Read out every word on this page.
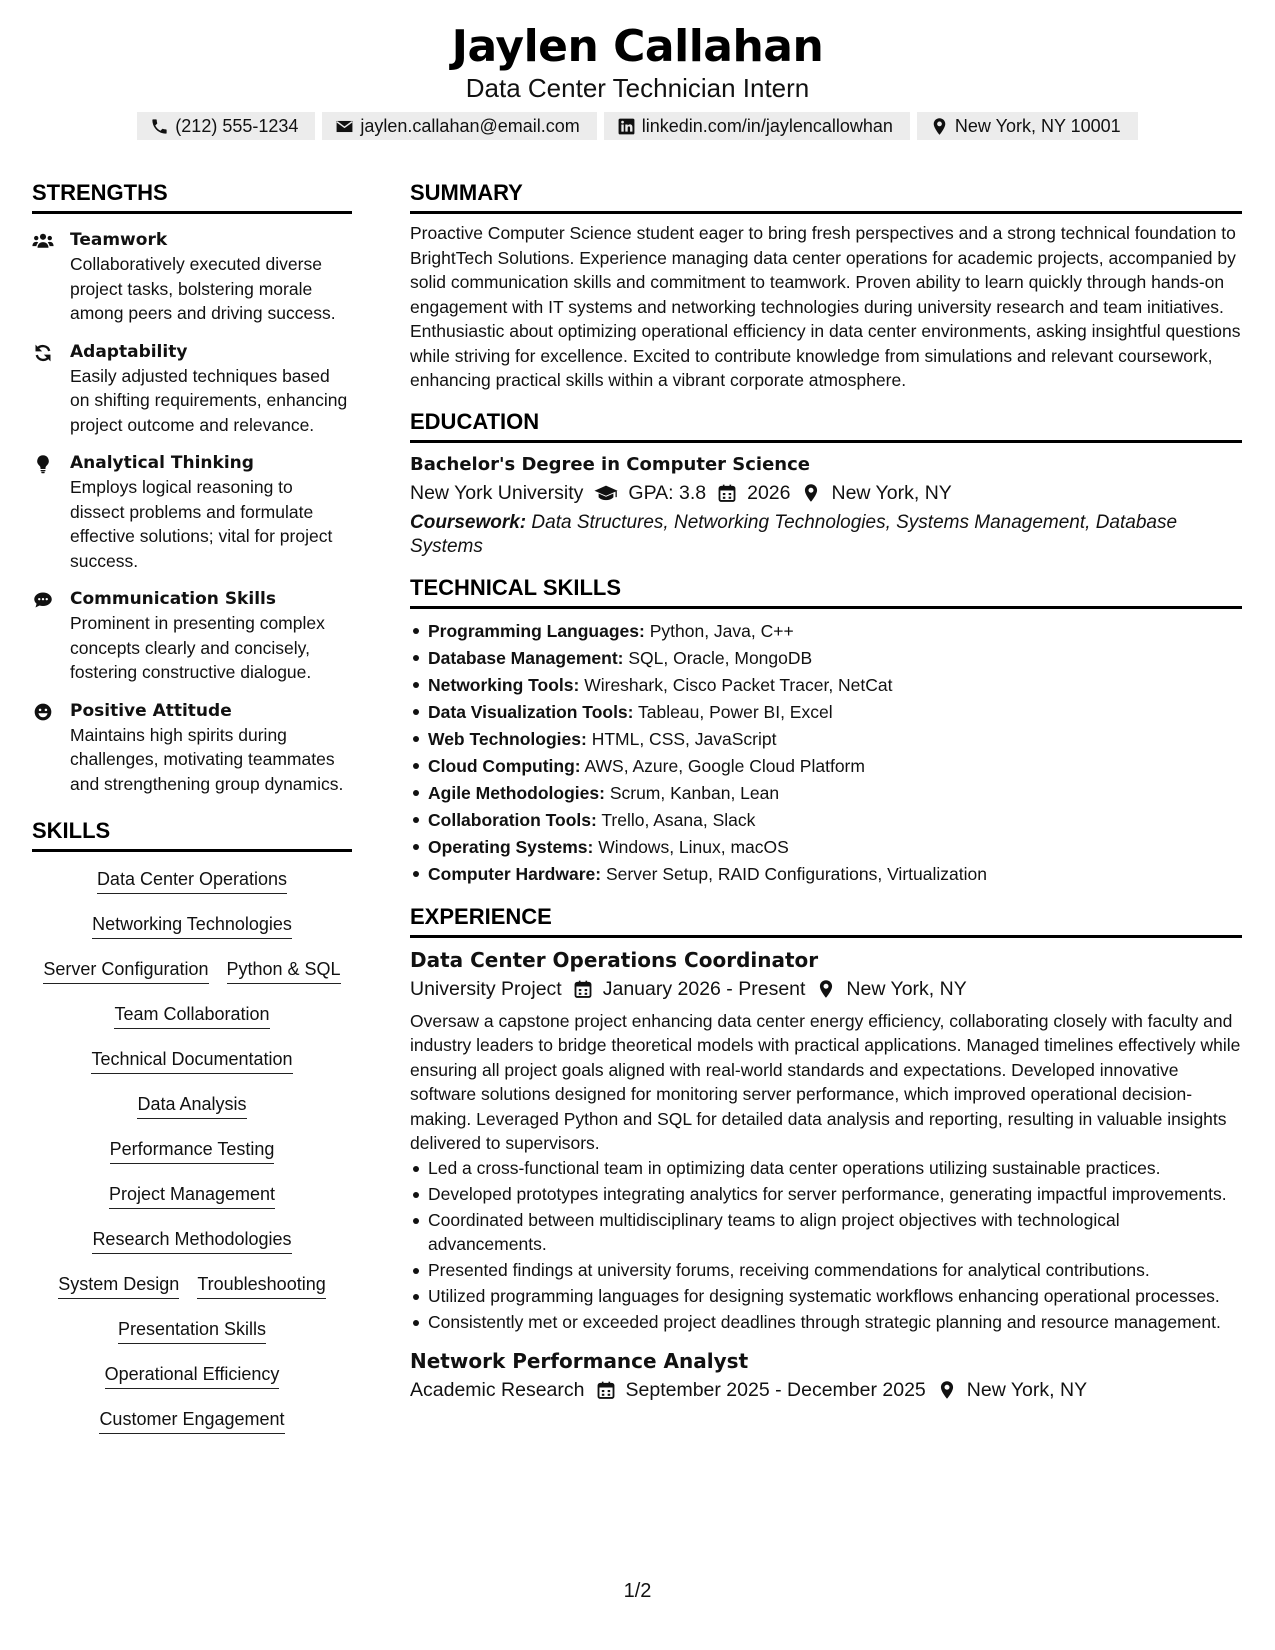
Jaylen Callahan
Data Center Technician Intern
(212) 555-1234	jaylen.callahan@email.com	linkedin.com/in/jaylencallowhan	New York, NY 10001
STRENGTHS
Teamwork
Collaboratively executed diverse project tasks, bolstering morale among peers and driving success.
Adaptability
Easily adjusted techniques based on shifting requirements, enhancing project outcome and relevance.
Analytical Thinking
Employs logical reasoning to dissect problems and formulate effective solutions; vital for project success.
Communication Skills
Prominent in presenting complex concepts clearly and concisely, fostering constructive dialogue.
Positive Attitude
Maintains high spirits during challenges, motivating teammates and strengthening group dynamics.
SKILLS
Data Center Operations
Networking Technologies
Server Configuration Python & SQL
Team Collaboration
Technical Documentation
Data Analysis
Performance Testing
Project Management
Research Methodologies
System Design Troubleshooting
Presentation Skills
Operational Efficiency
Customer Engagement
SUMMARY
Proactive Computer Science student eager to bring fresh perspectives and a strong technical foundation to BrightTech Solutions. Experience managing data center operations for academic projects, accompanied by solid communication skills and commitment to teamwork. Proven ability to learn quickly through hands-on engagement with IT systems and networking technologies during university research and team initiatives. Enthusiastic about optimizing operational efficiency in data center environments, asking insightful questions while striving for excellence. Excited to contribute knowledge from simulations and relevant coursework, enhancing practical skills within a vibrant corporate atmosphere.
EDUCATION
Bachelor's Degree in Computer Science
New York University GPA: 3.8 2026 New York, NY
Coursework: Data Structures, Networking Technologies, Systems Management, Database Systems
TECHNICAL SKILLS
Programming Languages: Python, Java, C++
Database Management: SQL, Oracle, MongoDB
Networking Tools: Wireshark, Cisco Packet Tracer, NetCat
Data Visualization Tools: Tableau, Power BI, Excel
Web Technologies: HTML, CSS, JavaScript
Cloud Computing: AWS, Azure, Google Cloud Platform
Agile Methodologies: Scrum, Kanban, Lean
Collaboration Tools: Trello, Asana, Slack
Operating Systems: Windows, Linux, macOS
Computer Hardware: Server Setup, RAID Configurations, Virtualization
EXPERIENCE
Data Center Operations Coordinator
University Project January 2026 - Present New York, NY
Oversaw a capstone project enhancing data center energy efficiency, collaborating closely with faculty and industry leaders to bridge theoretical models with practical applications. Managed timelines effectively while ensuring all project goals aligned with real-world standards and expectations. Developed innovative software solutions designed for monitoring server performance, which improved operational decision-making. Leveraged Python and SQL for detailed data analysis and reporting, resulting in valuable insights delivered to supervisors.
Led a cross-functional team in optimizing data center operations utilizing sustainable practices.
Developed prototypes integrating analytics for server performance, generating impactful improvements.
Coordinated between multidisciplinary teams to align project objectives with technological advancements.
Presented findings at university forums, receiving commendations for analytical contributions.
Utilized programming languages for designing systematic workflows enhancing operational processes.
Consistently met or exceeded project deadlines through strategic planning and resource management.
Network Performance Analyst
Academic Research September 2025 - December 2025 New York, NY
1/2
